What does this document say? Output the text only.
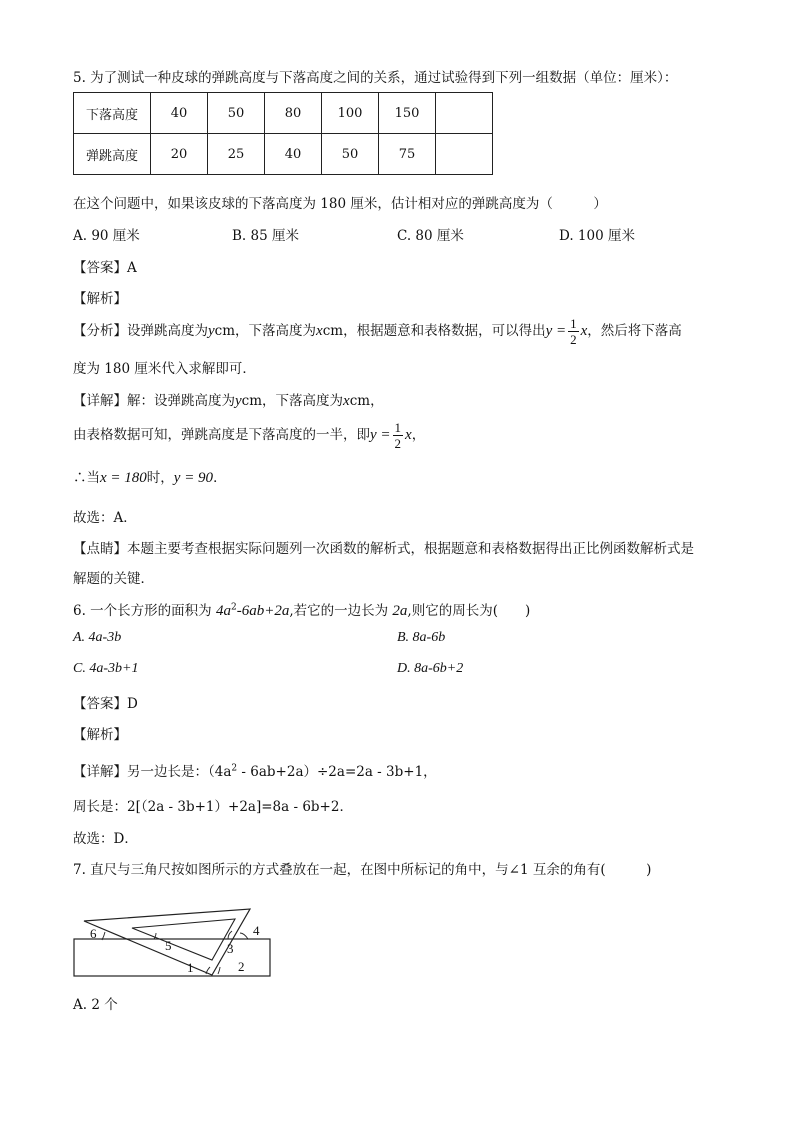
5. 为了测试一种皮球的弹跳高度与下落高度之间的关系，通过试验得到下列一组数据（单位：厘米）：
下落高度	40	50	80	100	150	
弹跳高度	20	25	40	50	75	
在这个问题中，如果该皮球的下落高度为 180 厘米，估计相对应的弹跳高度为（　　　）
A. 90 厘米	B. 85 厘米	C. 80 厘米	D. 100 厘米
【答案】A
【解析】
【分析】设弹跳高度为ycm，下落高度为xcm，根据题意和表格数据，可以得出$y = \frac{1}{2}$ x，然后将下落高
度为 180 厘米代入求解即可．
【详解】解：设弹跳高度为ycm，下落高度为xcm，
由表格数据可知，弹跳高度是下落高度的一半，即$y = \frac{1}{2}$ x，
∴当x = 180时，y = 90．
故选：A．
【点睛】本题主要考查根据实际问题列一次函数的解析式，根据题意和表格数据得出正比例函数解析式是
解题的关键．
6. 一个长方形的面积为 $4a^2-6ab+2a$,若它的一边长为 2a,则它的周长为(　　)
A. 4a-3b	B. 8a-6b
C. 4a-3b+1	D. 8a-6b+2
【答案】D
【解析】
【详解】另一边长是：$(4a^2 - 6ab+2a)\div 2a=2a - 3b+1$，
周长是：2[（2a - 3b+1）+2a]=8a - 6b+2．
故选：D．
7. 直尺与三角尺按如图所示的方式叠放在一起，在图中所标记的角中，与∠1 互余的角有(　　　)
6
5	3
4
1	2
A. 2 个
